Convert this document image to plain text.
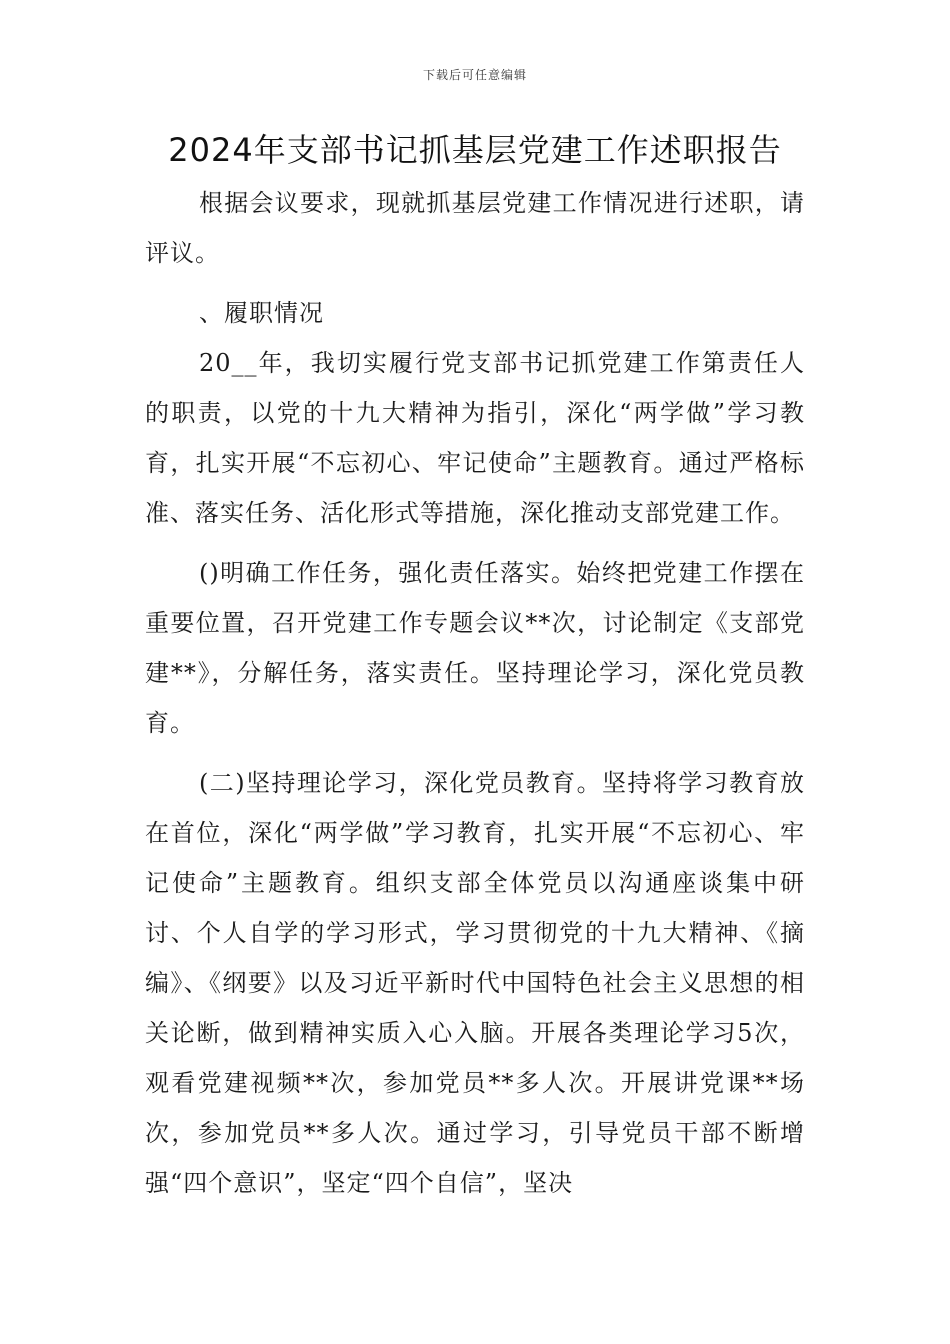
下载后可任意编辑
2024年支部书记抓基层党建工作述职报告

根据会议要求，现就抓基层党建工作情况进行述职，请评议。

、履职情况

20__年，我切实履行党支部书记抓党建工作第责任人的职责，以党的十九大精神为指引，深化“两学做”学习教育，扎实开展“不忘初心、牢记使命”主题教育。通过严格标准、落实任务、活化形式等措施，深化推动支部党建工作。

()明确工作任务，强化责任落实。始终把党建工作摆在重要位置，召开党建工作专题会议**次，讨论制定《支部党建**》，分解任务，落实责任。坚持理论学习，深化党员教育。

(二)坚持理论学习，深化党员教育。坚持将学习教育放在首位，深化“两学做”学习教育，扎实开展“不忘初心、牢记使命”主题教育。组织支部全体党员以沟通座谈集中研讨、个人自学的学习形式，学习贯彻党的十九大精神、《摘编》、《纲要》以及习近平新时代中国特色社会主义思想的相关论断，做到精神实质入心入脑。开展各类理论学习5次，观看党建视频**次，参加党员**多人次。开展讲党课**场次，参加党员**多人次。通过学习，引导党员干部不断增强“四个意识”，坚定“四个自信”，坚决
